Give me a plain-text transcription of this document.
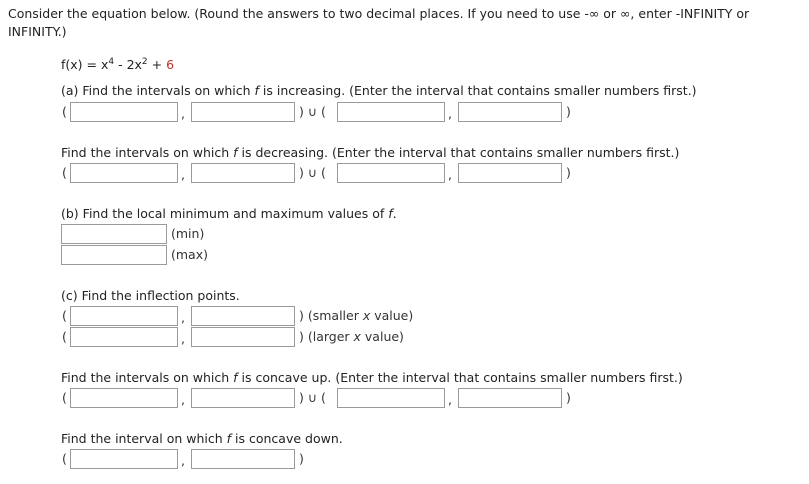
Consider the equation below. (Round the answers to two decimal places. If you need to use -∞ or ∞, enter -INFINITY or
INFINITY.)
$f(x) = x^4 - 2x^2 + 6$
(a) Find the intervals on which f is increasing. (Enter the interval that contains smaller numbers first.)
(	,	) ∪ (	,	)
Find the intervals on which f is decreasing. (Enter the interval that contains smaller numbers first.)
(	,	) ∪ (	,	)
(b) Find the local minimum and maximum values of f.
(min)
(max)
(c) Find the inflection points.
(	,	) (smaller x value)
(	,	) (larger x value)
Find the intervals on which f is concave up. (Enter the interval that contains smaller numbers first.)
(	,	) ∪ (	,	)
Find the interval on which f is concave down.
(	,	)
